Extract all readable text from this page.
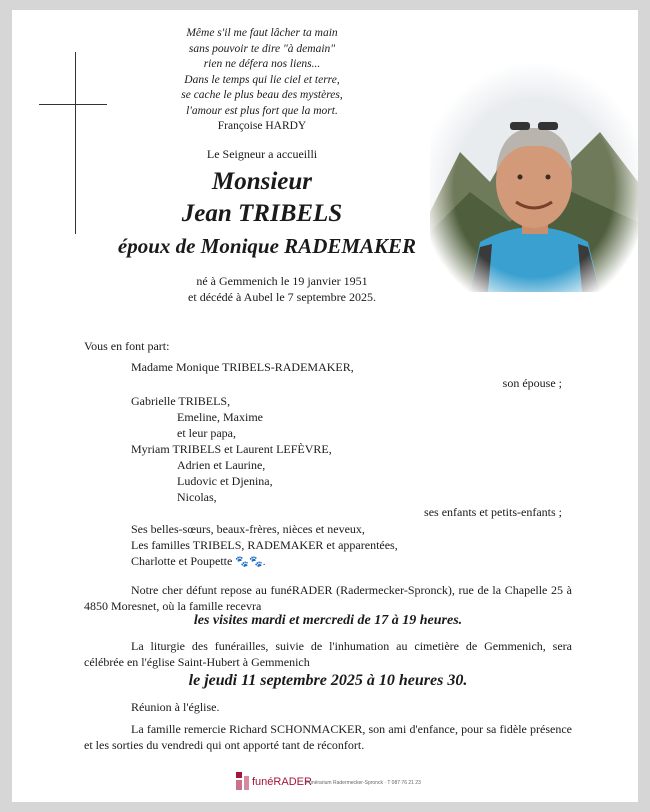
Même s'il me faut lâcher ta main
sans pouvoir te dire "à demain"
rien ne défera nos liens...
Dans le temps qui lie ciel et terre,
se cache le plus beau des mystères,
l'amour est plus fort que la mort.
Françoise HARDY
Le Seigneur a accueilli
Monsieur
Jean TRIBELS
époux de Monique RADEMAKER
né à Gemmenich le 19 janvier 1951
et décédé à Aubel le 7 septembre 2025.
Vous en font part:
Madame Monique TRIBELS-RADEMAKER,
son épouse ;
Gabrielle TRIBELS,
Emeline, Maxime
et leur papa,
Myriam TRIBELS et Laurent LEFÈVRE,
Adrien et Laurine,
Ludovic et Djenina,
Nicolas,
ses enfants et petits-enfants ;
Ses belles-sœurs, beaux-frères, nièces et neveux,
Les familles TRIBELS, RADEMAKER et apparentées,
Charlotte et Poupette 🐾🐾.
Notre cher défunt repose au funéRADER (Radermecker-Spronck), rue de la Chapelle 25 à 4850 Moresnet, où la famille recevra
les visites mardi et mercredi de 17 à 19 heures.
La liturgie des funérailles, suivie de l'inhumation au cimetière de Gemmenich, sera célébrée en l'église Saint-Hubert à Gemmenich
le jeudi 11 septembre 2025 à 10 heures 30.
Réunion à l'église.
La famille remercie Richard SCHONMACKER, son ami d'enfance, pour sa fidèle présence et les sorties du vendredi qui ont apporté tant de réconfort.
funéRADER
Funérarium Radermecker-Spronck · T 087 76 21 23
